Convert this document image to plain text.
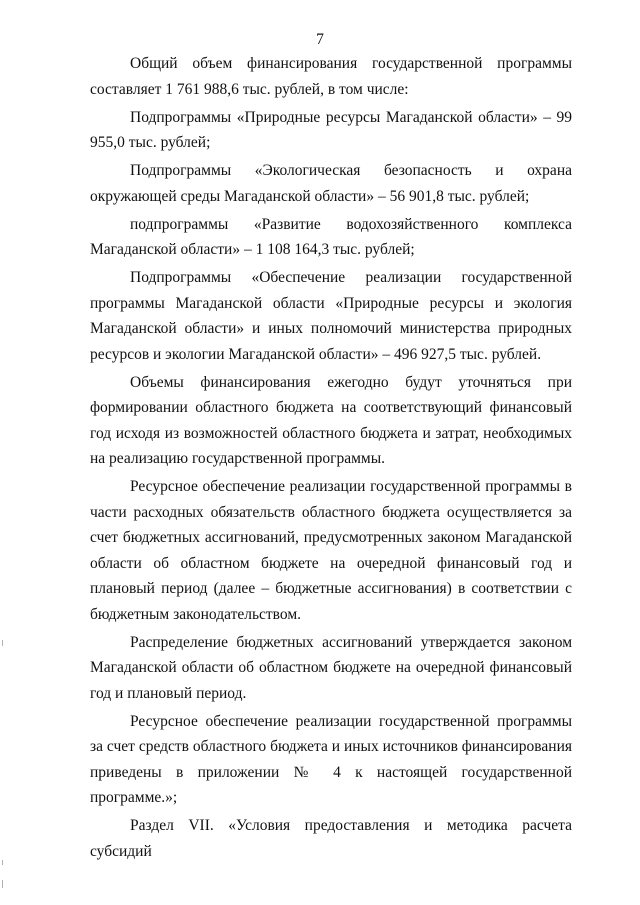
7

Общий объем финансирования государственной программы составляет 1 761 988,6 тыс. рублей, в том числе:

Подпрограммы «Природные ресурсы Магаданской области» – 99 955,0 тыс. рублей;

Подпрограммы «Экологическая безопасность и охрана окружающей среды Магаданской области» – 56 901,8 тыс. рублей;

подпрограммы «Развитие водохозяйственного комплекса Магаданской области» – 1 108 164,3 тыс. рублей;

Подпрограммы «Обеспечение реализации государственной программы Магаданской области «Природные ресурсы и экология Магаданской области» и иных полномочий министерства природных ресурсов и экологии Магаданской области» – 496 927,5 тыс. рублей.

Объемы финансирования ежегодно будут уточняться при формировании областного бюджета на соответствующий финансовый год исходя из возможностей областного бюджета и затрат, необходимых на реализацию государственной программы.

Ресурсное обеспечение реализации государственной программы в части расходных обязательств областного бюджета осуществляется за счет бюджетных ассигнований, предусмотренных законом Магаданской области об областном бюджете на очередной финансовый год и плановый период (далее – бюджетные ассигнования) в соответствии с бюджетным законодательством.

Распределение бюджетных ассигнований утверждается законом Магаданской области об областном бюджете на очередной финансовый год и плановый период.

Ресурсное обеспечение реализации государственной программы за счет средств областного бюджета и иных источников финансирования приведены в приложении № 4 к настоящей государственной программе.»;

Раздел VII. «Условия предоставления и методика расчета субсидий
